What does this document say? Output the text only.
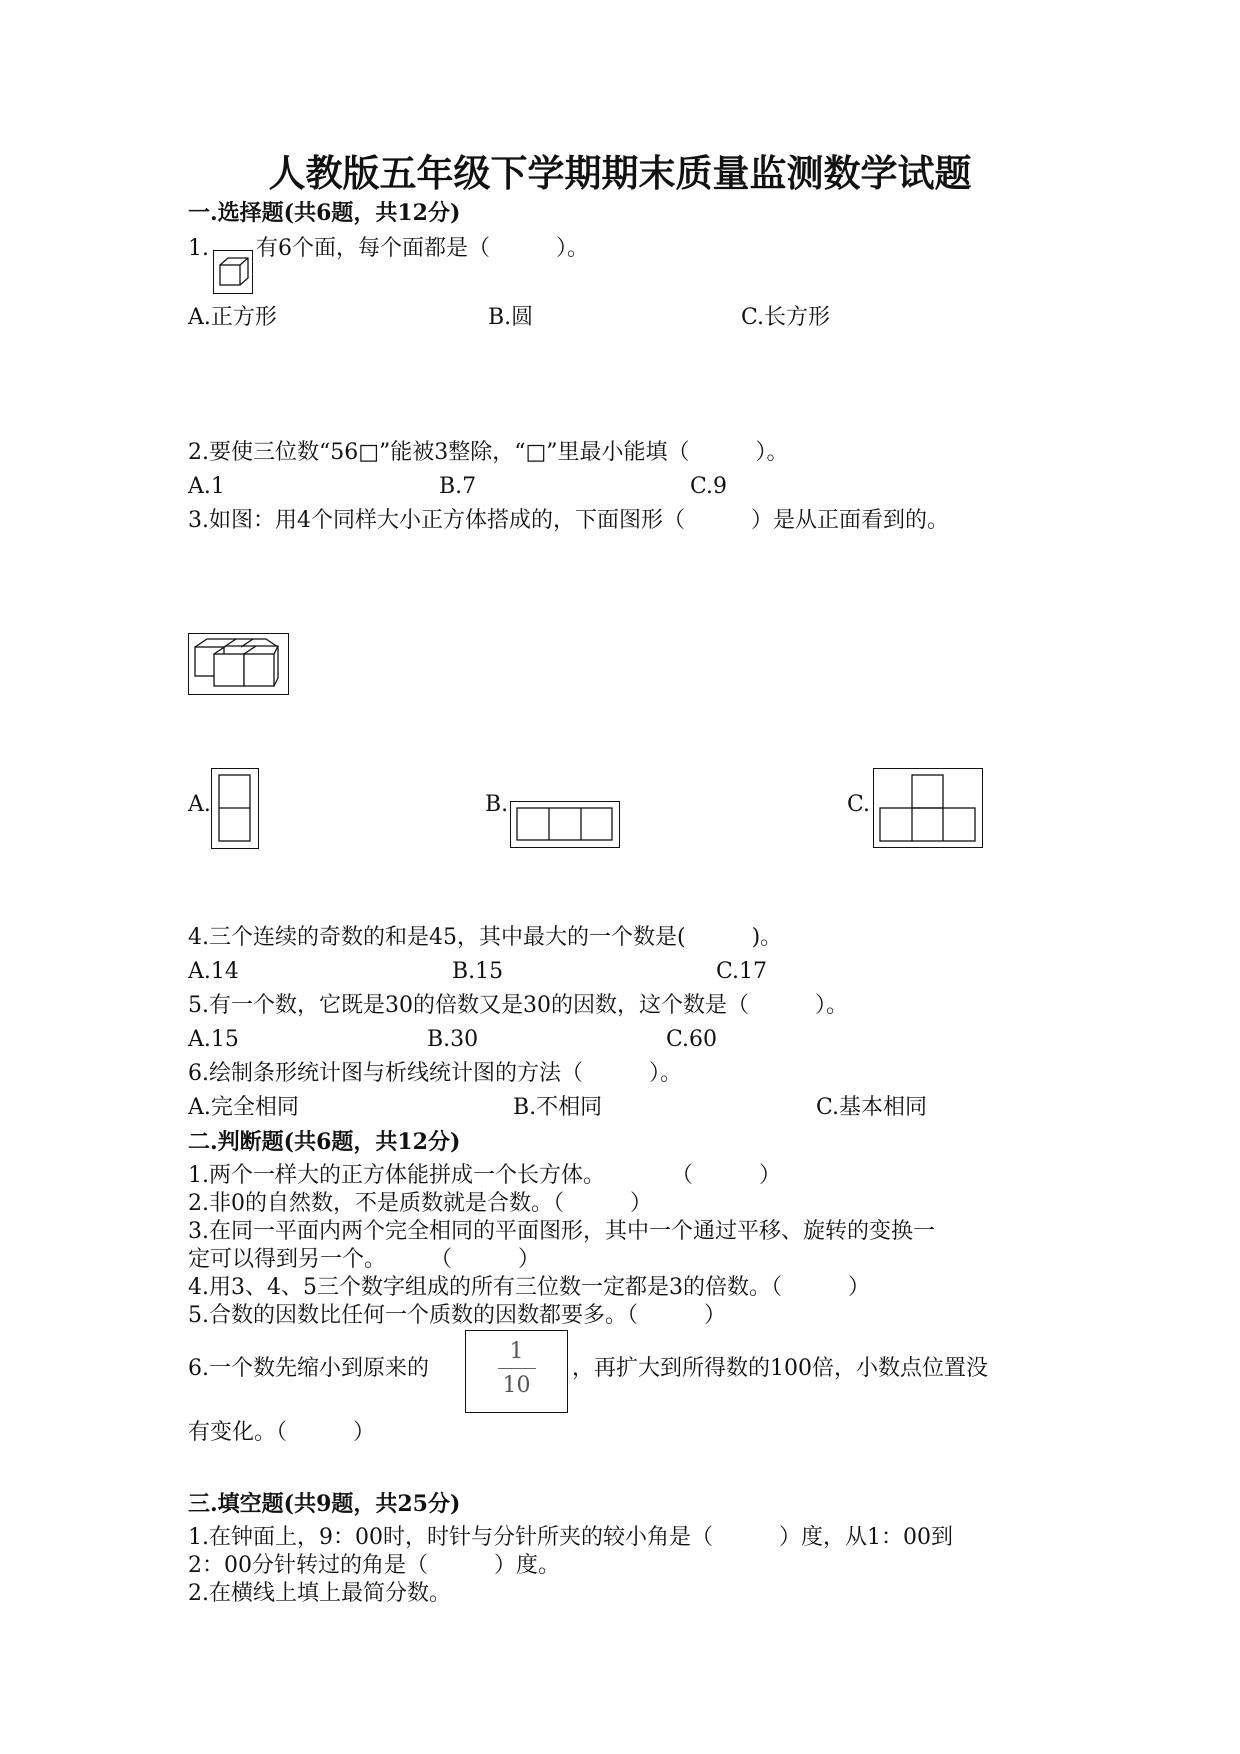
人教版五年级下学期期末质量监测数学试题
一.选择题(共6题，共12分)
1. 有6个面，每个面都是（　　　）。
A.正方形	B.圆	C.长方形
2.要使三位数“56□”能被3整除，“□”里最小能填（　　　）。
A.1	B.7	C.9
3.如图：用4个同样大小正方体搭成的，下面图形（　　　）是从正面看到的。
A.	B.	C.
4.三个连续的奇数的和是45，其中最大的一个数是(　　　)。
A.14	B.15	C.17
5.有一个数，它既是30的倍数又是30的因数，这个数是（　　　）。
A.15	B.30	C.60
6.绘制条形统计图与析线统计图的方法（　　　）。
A.完全相同	B.不相同	C.基本相同
二.判断题(共6题，共12分)
1.两个一样大的正方体能拼成一个长方体。　　　　（　　　）
2.非0的自然数，不是质数就是合数。（　　　）
3.在同一平面内两个完全相同的平面图形，其中一个通过平移、旋转的变换一
定可以得到另一个。　　　（　　　）
4.用3、4、5三个数字组成的所有三位数一定都是3的倍数。（　　　）
5.合数的因数比任何一个质数的因数都要多。（　　　）
6.一个数先缩小到原来的
1
10
，再扩大到所得数的100倍，小数点位置没
有变化。（　　　）
三.填空题(共9题，共25分)
1.在钟面上，9：00时，时针与分针所夹的较小角是（　　　）度，从1：00到
2：00分针转过的角是（　　　）度。
2.在横线上填上最简分数。
